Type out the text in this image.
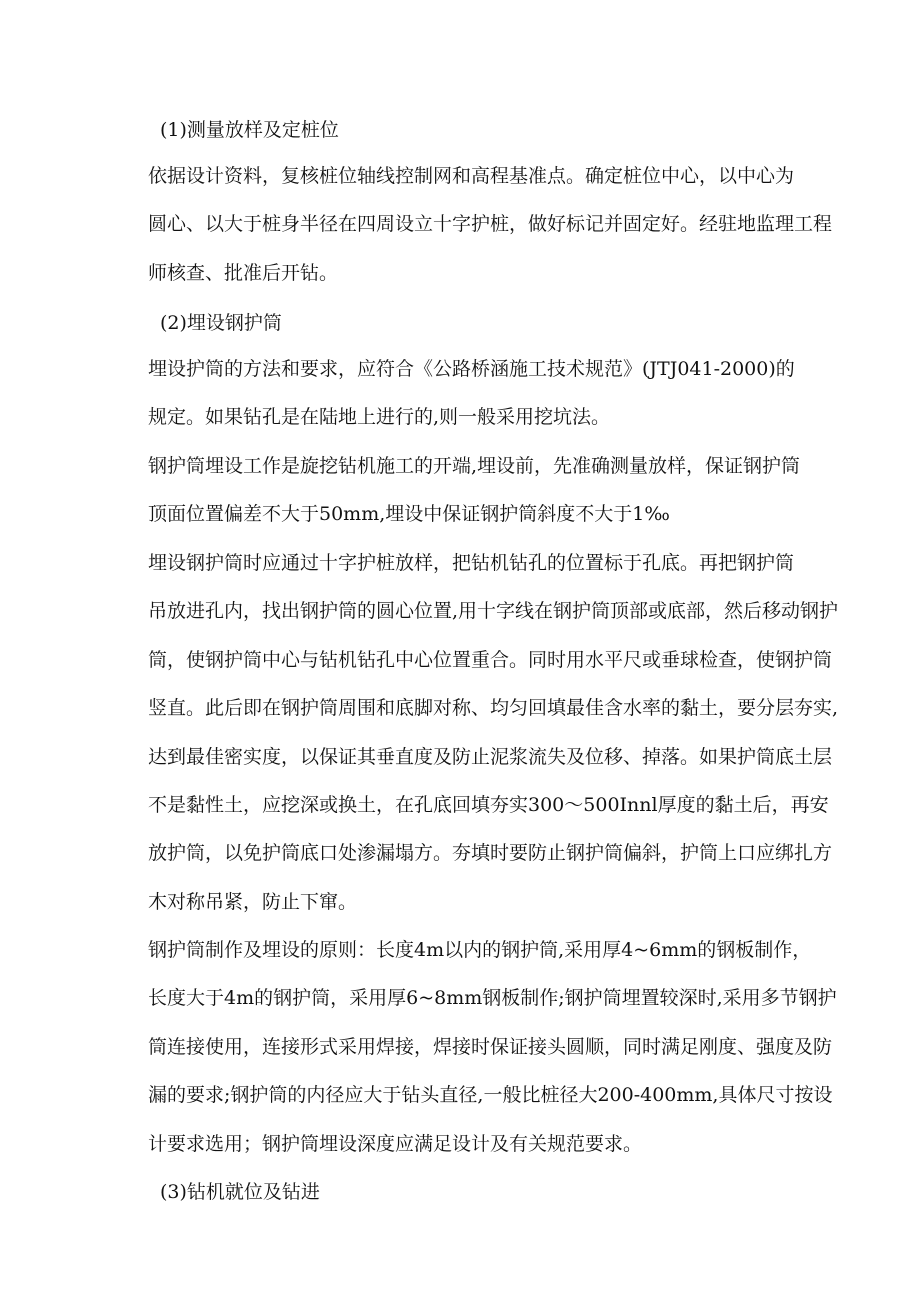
(1)测量放样及定桩位
依据设计资料，复核桩位轴线控制网和高程基准点。确定桩位中心，以中心为
圆心、以大于桩身半径在四周设立十字护桩，做好标记并固定好。经驻地监理工程
师核查、批准后开钻。
(2)埋设钢护筒
埋设护筒的方法和要求，应符合《公路桥涵施工技术规范》(JTJ041-2000)的
规定。如果钻孔是在陆地上进行的,则一般采用挖坑法。
钢护筒埋设工作是旋挖钻机施工的开端,埋设前，先准确测量放样，保证钢护筒
顶面位置偏差不大于50mm,埋设中保证钢护筒斜度不大于1‰
埋设钢护筒时应通过十字护桩放样，把钻机钻孔的位置标于孔底。再把钢护筒
吊放进孔内，找出钢护筒的圆心位置,用十字线在钢护筒顶部或底部，然后移动钢护
筒，使钢护筒中心与钻机钻孔中心位置重合。同时用水平尺或垂球检查，使钢护筒
竖直。此后即在钢护筒周围和底脚对称、均匀回填最佳含水率的黏土，要分层夯实,
达到最佳密实度，以保证其垂直度及防止泥浆流失及位移、掉落。如果护筒底土层
不是黏性土，应挖深或换土，在孔底回填夯实300～500Innl厚度的黏土后，再安
放护筒，以免护筒底口处渗漏塌方。夯填时要防止钢护筒偏斜，护筒上口应绑扎方
木对称吊紧，防止下窜。
钢护筒制作及埋设的原则：长度4m以内的钢护筒,采用厚4~6mm的钢板制作，
长度大于4m的钢护筒，采用厚6~8mm钢板制作;钢护筒埋置较深时,采用多节钢护
筒连接使用，连接形式采用焊接，焊接时保证接头圆顺，同时满足刚度、强度及防
漏的要求;钢护筒的内径应大于钻头直径,一般比桩径大200-400mm,具体尺寸按设
计要求选用；钢护筒埋设深度应满足设计及有关规范要求。
(3)钻机就位及钻进
